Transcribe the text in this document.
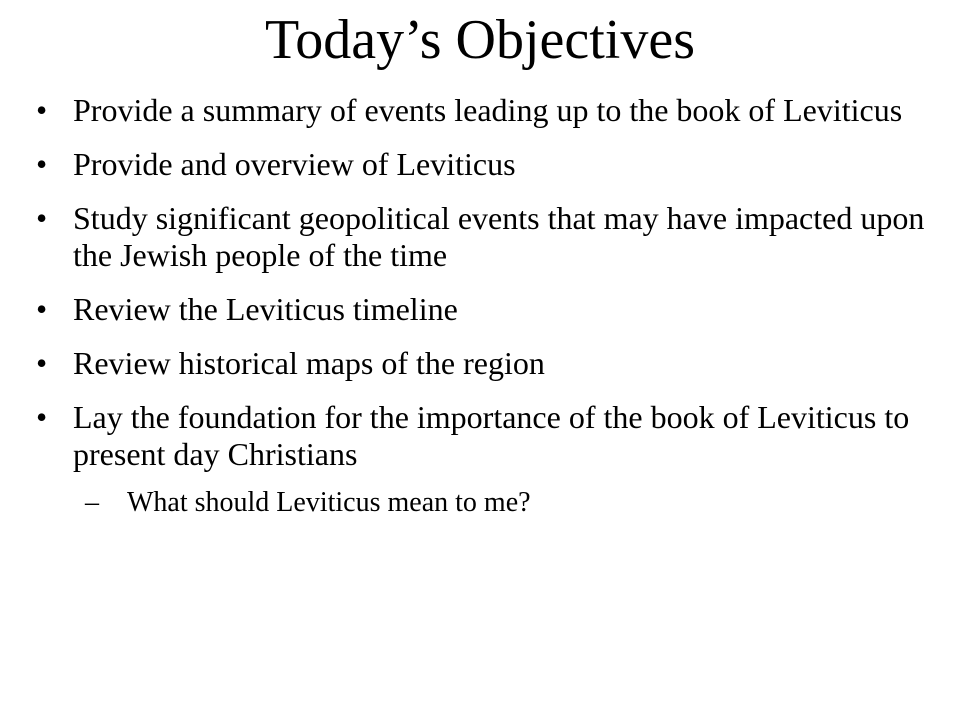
Today’s Objectives
• Provide a summary of events leading up to the book of Leviticus
• Provide and overview of Leviticus
• Study significant geopolitical events that may have impacted upon the Jewish people of the time
• Review the Leviticus timeline
• Review historical maps of the region
• Lay the foundation for the importance of the book of Leviticus to present day Christians
– What should Leviticus mean to me?
